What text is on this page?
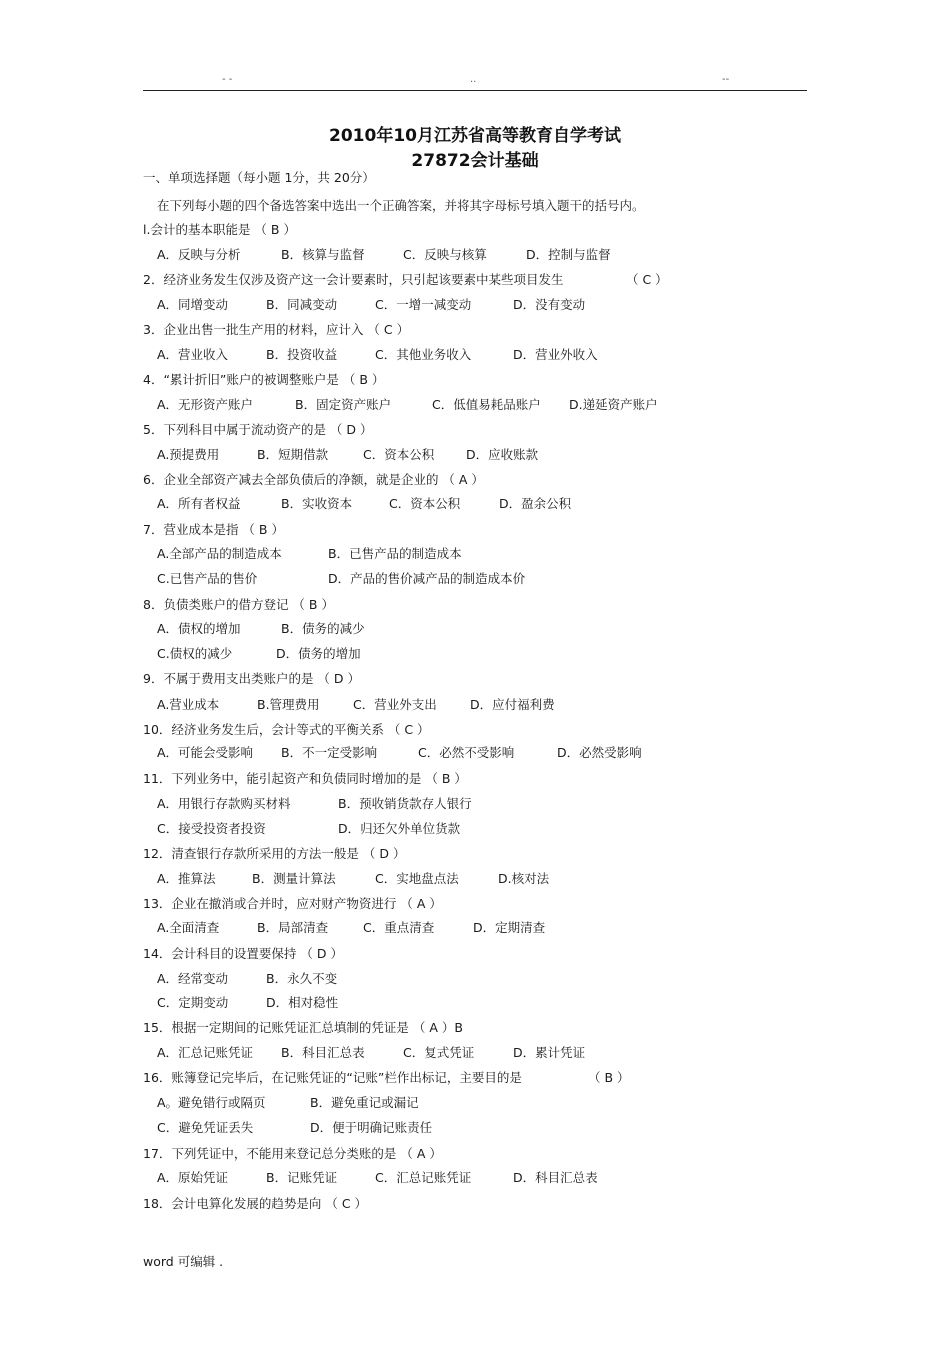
- -	..	--
2010年10月江苏省高等教育自学考试
27872会计基础
一、单项选择题（每小题 1分，共 20分）
在下列每小题的四个备选答案中选出一个正确答案，并将其字母标号填入题干的括号内。
l.会计的基本职能是 （ B ）
A．反映与分析	B．核算与监督	C．反映与核算	D．控制与监督
2．经济业务发生仅涉及资产这一会计要素时，只引起该要素中某些项目发生	（ C ）
A．同增变动	B．同减变动	C．一增一减变动	D．没有变动
3．企业出售一批生产用的材料，应计入 （ C ）
A．营业收入	B．投资收益	C．其他业务收入	D．营业外收入
4．“累计折旧”账户的被调整账户是 （ B ）
A．无形资产账户	B．固定资产账户	C．低值易耗品账户 D.递延资产账户
5．下列科目中属于流动资产的是 （ D ）
A.预提费用	B．短期借款	C．资本公积	D．应收账款
6．企业全部资产减去全部负债后的净额，就是企业的 （ A ）
A．所有者权益	B．实收资本	C．资本公积	D．盈余公积
7．营业成本是指 （ B ）
A.全部产品的制造成本	B．已售产品的制造成本
C.已售产品的售价	D．产品的售价减产品的制造成本价
8．负债类账户的借方登记 （ B ）
A．债权的增加	B．债务的减少
C.债权的减少	D．债务的增加
9．不属于费用支出类账户的是 （ D ）
A.营业成本	B.管理费用	C．营业外支出	D．应付福利费
10．经济业务发生后，会计等式的平衡关系 （ C ）
A．可能会受影响 B．不一定受影响	C．必然不受影响	D．必然受影响
11．下列业务中，能引起资产和负债同时增加的是 （ B ）
A．用银行存款购买材料	B．预收销货款存人银行
C．接受投资者投资	D．归还欠外单位货款
12．清查银行存款所采用的方法一般是 （ D ）
A．推算法	B．测量计算法	C．实地盘点法	D.核对法
13．企业在撤消或合并时，应对财产物资进行 （ A ）
A.全面清查	B．局部清查	C．重点清查	D．定期清查
14．会计科目的设置要保持 （ D ）
A．经常变动	B．永久不变
C．定期变动	D．相对稳性
15．根据一定期间的记账凭证汇总填制的凭证是 （ A ）B
A．汇总记账凭证 B．科目汇总表	C．复式凭证	D．累计凭证
16．账簿登记完毕后，在记账凭证的“记账”栏作出标记，主要目的是	（ B ）
A。避免错行或隔页	B．避免重记或漏记
C．避免凭证丢失	D．便于明确记账责任
17．下列凭证中，不能用来登记总分类账的是 （ A ）
A．原始凭证	B．记账凭证	C．汇总记账凭证	D．科目汇总表
18．会计电算化发展的趋势是向 （ C ）
word 可编辑 .
